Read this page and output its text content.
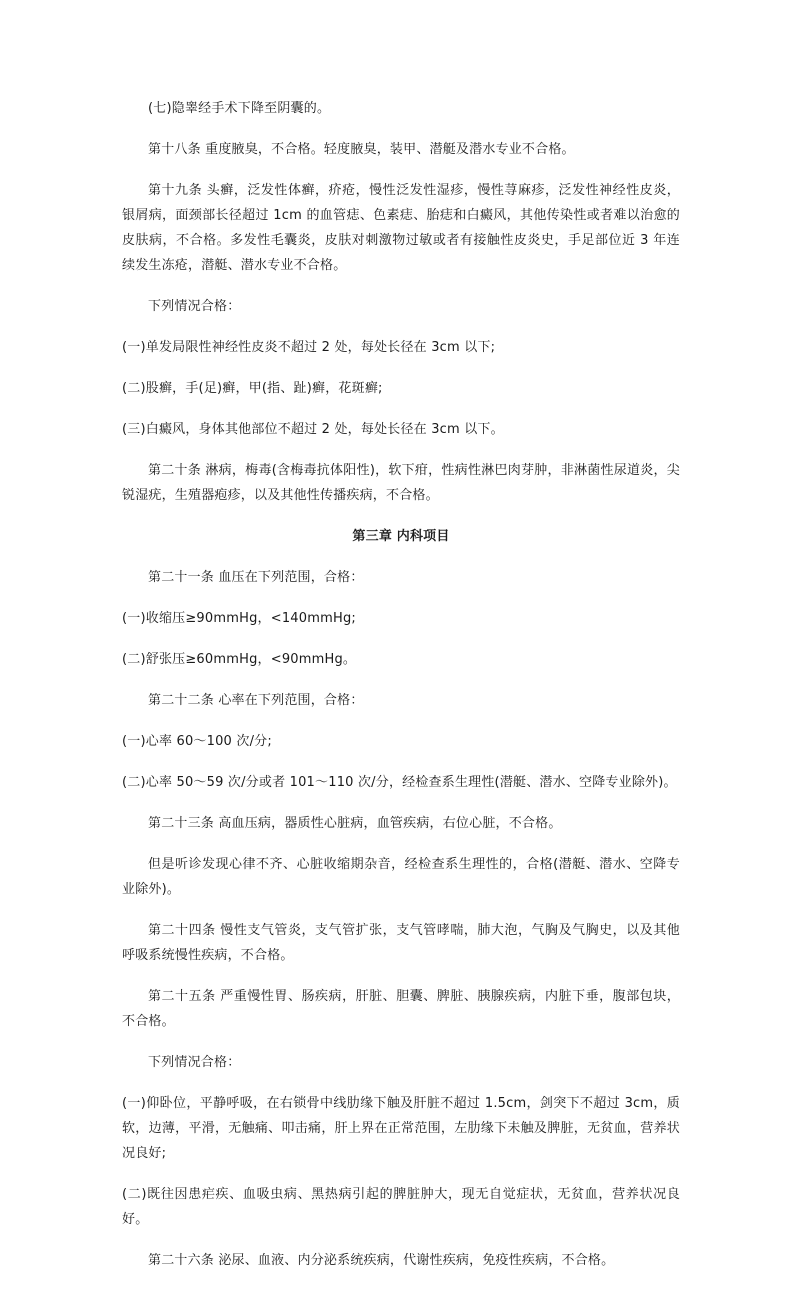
(七)隐睾经手术下降至阴囊的。

第十八条 重度腋臭，不合格。轻度腋臭，装甲、潜艇及潜水专业不合格。

第十九条 头癣，泛发性体癣，疥疮，慢性泛发性湿疹，慢性荨麻疹，泛发性神经性皮炎，银屑病，面颈部长径超过 1cm 的血管痣、色素痣、胎痣和白癜风，其他传染性或者难以治愈的皮肤病，不合格。多发性毛囊炎，皮肤对刺激物过敏或者有接触性皮炎史，手足部位近 3 年连续发生冻疮，潜艇、潜水专业不合格。

下列情况合格：

(一)单发局限性神经性皮炎不超过 2 处，每处长径在 3cm 以下;

(二)股癣，手(足)癣，甲(指、趾)癣，花斑癣;

(三)白癜风，身体其他部位不超过 2 处，每处长径在 3cm 以下。

第二十条 淋病，梅毒(含梅毒抗体阳性)，软下疳，性病性淋巴肉芽肿，非淋菌性尿道炎，尖锐湿疣，生殖器疱疹，以及其他性传播疾病，不合格。

第三章 内科项目

第二十一条 血压在下列范围，合格：

(一)收缩压≥90mmHg，<140mmHg;

(二)舒张压≥60mmHg，<90mmHg。

第二十二条 心率在下列范围，合格：

(一)心率 60～100 次/分;

(二)心率 50～59 次/分或者 101～110 次/分，经检查系生理性(潜艇、潜水、空降专业除外)。

第二十三条 高血压病，器质性心脏病，血管疾病，右位心脏，不合格。

但是听诊发现心律不齐、心脏收缩期杂音，经检查系生理性的，合格(潜艇、潜水、空降专业除外)。

第二十四条 慢性支气管炎，支气管扩张，支气管哮喘，肺大泡，气胸及气胸史，以及其他呼吸系统慢性疾病，不合格。

第二十五条 严重慢性胃、肠疾病，肝脏、胆囊、脾脏、胰腺疾病，内脏下垂，腹部包块，不合格。

下列情况合格：

(一)仰卧位，平静呼吸，在右锁骨中线肋缘下触及肝脏不超过 1.5cm，剑突下不超过 3cm，质软，边薄，平滑，无触痛、叩击痛，肝上界在正常范围，左肋缘下未触及脾脏，无贫血，营养状况良好;

(二)既往因患疟疾、血吸虫病、黑热病引起的脾脏肿大，现无自觉症状，无贫血，营养状况良好。

第二十六条 泌尿、血液、内分泌系统疾病，代谢性疾病，免疫性疾病，不合格。
